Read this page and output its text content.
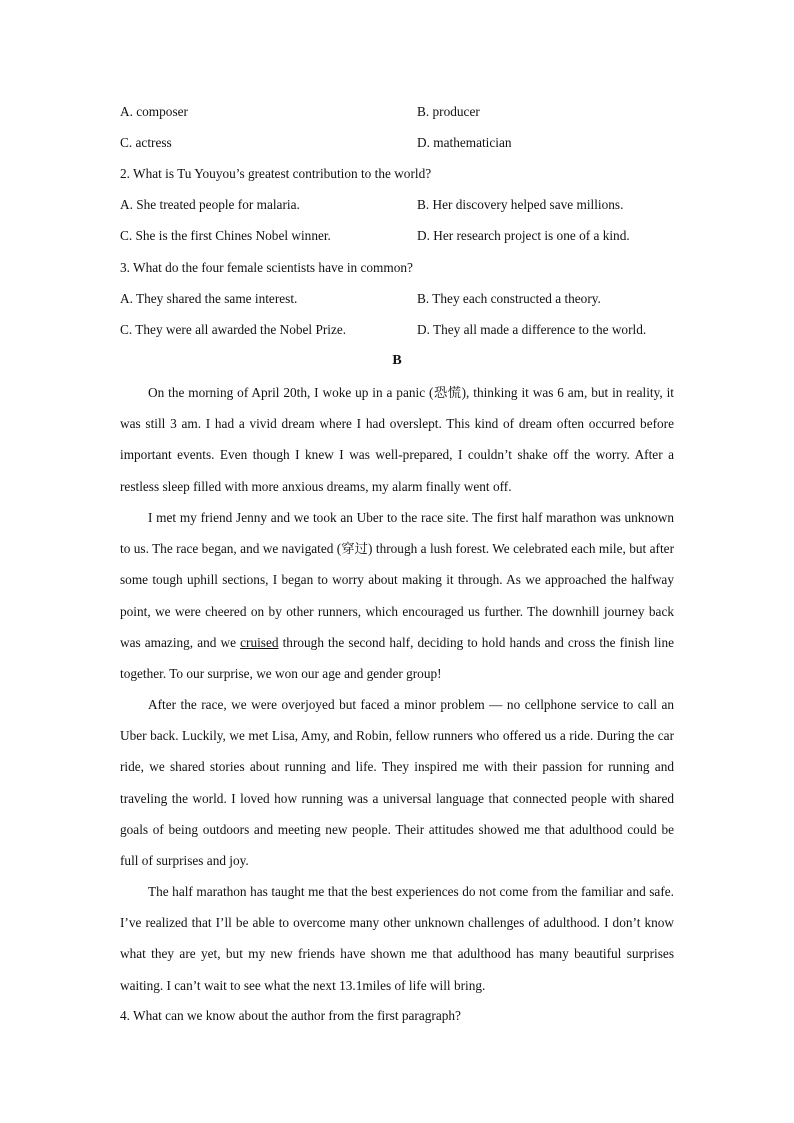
A. composer	B. producer
C. actress	D. mathematician
2. What is Tu Youyou’s greatest contribution to the world?
A. She treated people for malaria.	B. Her discovery helped save millions.
C. She is the first Chines Nobel winner.	D. Her research project is one of a kind.
3. What do the four female scientists have in common?
A. They shared the same interest.	B. They each constructed a theory.
C. They were all awarded the Nobel Prize.	D. They all made a difference to the world.
B

On the morning of April 20th, I woke up in a panic (恐慌), thinking it was 6 am, but in reality, it was still 3 am. I had a vivid dream where I had overslept. This kind of dream often occurred before important events. Even though I knew I was well-prepared, I couldn’t shake off the worry. After a restless sleep filled with more anxious dreams, my alarm finally went off.

I met my friend Jenny and we took an Uber to the race site. The first half marathon was unknown to us. The race began, and we navigated (穿过) through a lush forest. We celebrated each mile, but after some tough uphill sections, I began to worry about making it through. As we approached the halfway point, we were cheered on by other runners, which encouraged us further. The downhill journey back was amazing, and we cruised through the second half, deciding to hold hands and cross the finish line together. To our surprise, we won our age and gender group!

After the race, we were overjoyed but faced a minor problem — no cellphone service to call an Uber back. Luckily, we met Lisa, Amy, and Robin, fellow runners who offered us a ride. During the car ride, we shared stories about running and life. They inspired me with their passion for running and traveling the world. I loved how running was a universal language that connected people with shared goals of being outdoors and meeting new people. Their attitudes showed me that adulthood could be full of surprises and joy.

The half marathon has taught me that the best experiences do not come from the familiar and safe. I’ve realized that I’ll be able to overcome many other unknown challenges of adulthood. I don’t know what they are yet, but my new friends have shown me that adulthood has many beautiful surprises waiting. I can’t wait to see what the next 13.1miles of life will bring.

4. What can we know about the author from the first paragraph?
